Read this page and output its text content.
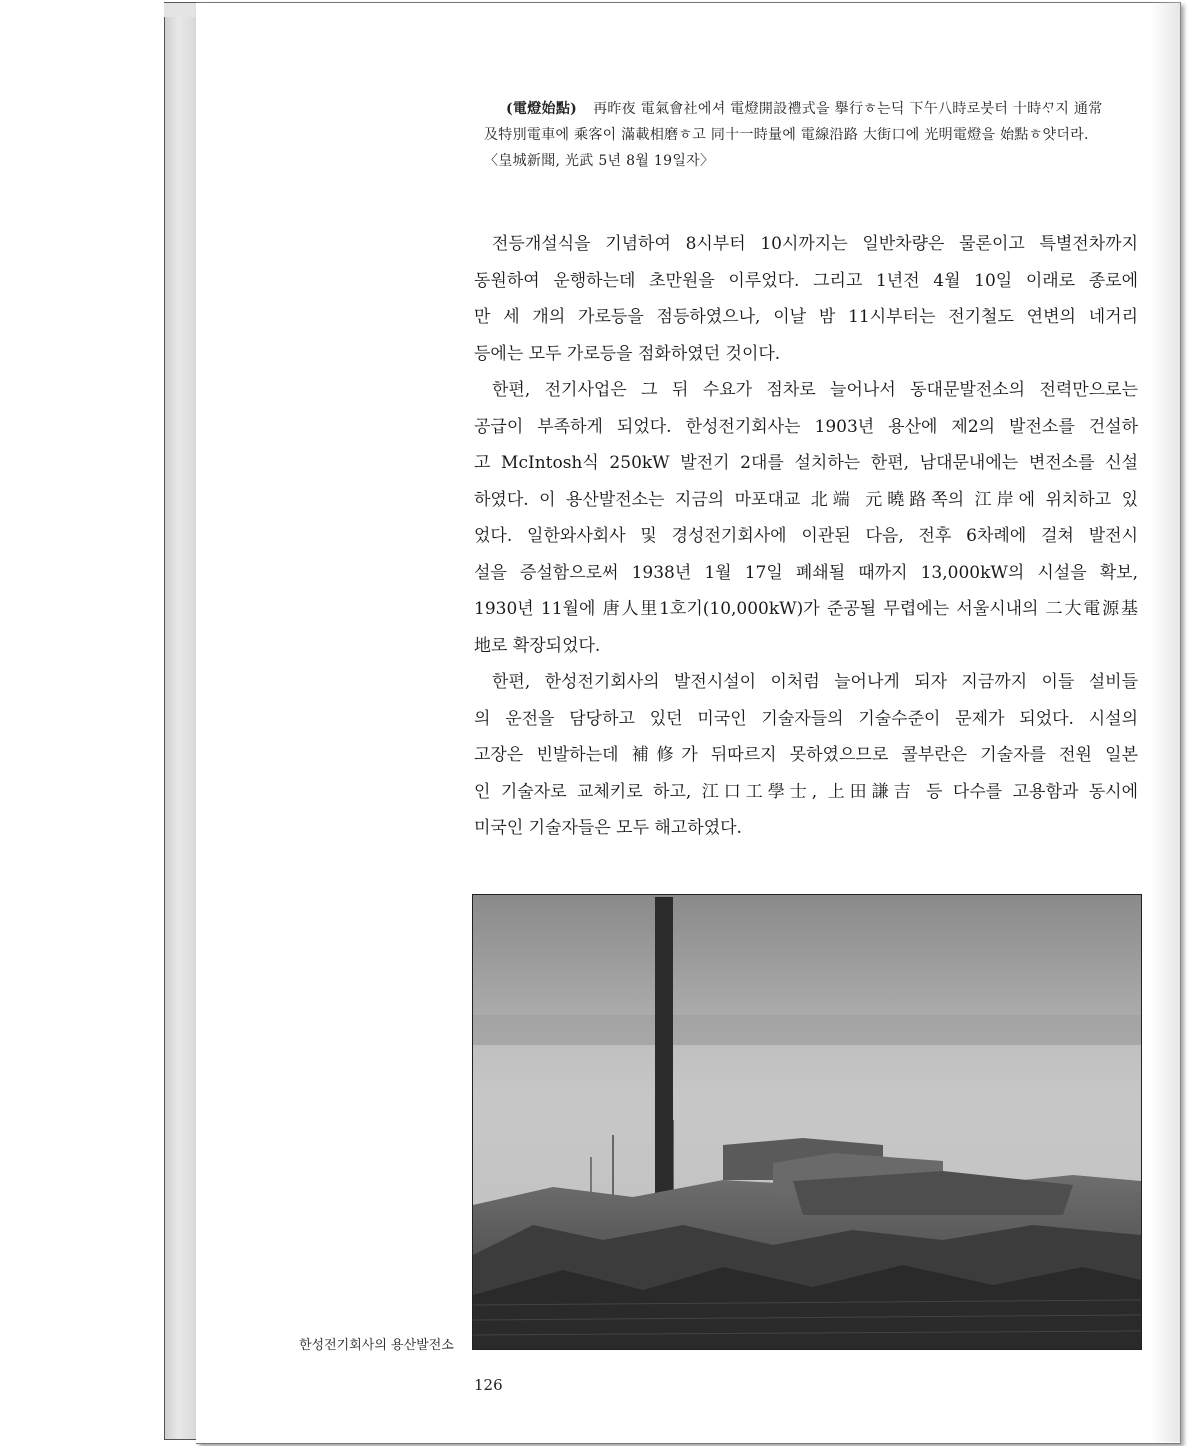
(電燈始點) 再昨夜 電氣會社에셔 電燈開設禮式을 擧行ㅎ는딕 下午八時로붓터 十時ᄭᆞ지 通常
及特別電車에 乘客이 滿載相磨ㅎ고 同十一時量에 電線沿路 大街口에 光明電燈을 始點ㅎ얏더라.
〈皇城新聞, 光武 5년 8월 19일자〉
전등개설식을 기념하여 8시부터 10시까지는 일반차량은 물론이고 특별전차까지
동원하여 운행하는데 초만원을 이루었다. 그리고 1년전 4월 10일 이래로 종로에
만 세 개의 가로등을 점등하였으나, 이날 밤 11시부터는 전기철도 연변의 네거리
등에는 모두 가로등을 점화하였던 것이다.
한편, 전기사업은 그 뒤 수요가 점차로 늘어나서 동대문발전소의 전력만으로는
공급이 부족하게 되었다. 한성전기회사는 1903년 용산에 제2의 발전소를 건설하
고 McIntosh식 250kW 발전기 2대를 설치하는 한편, 남대문내에는 변전소를 신설
하였다. 이 용산발전소는 지금의 마포대교 北端 元曉路쪽의 江岸에 위치하고 있
었다. 일한와사회사 및 경성전기회사에 이관된 다음, 전후 6차례에 걸쳐 발전시
설을 증설함으로써 1938년 1월 17일 폐쇄될 때까지 13,000kW의 시설을 확보,
1930년 11월에 唐人里1호기(10,000kW)가 준공될 무렵에는 서울시내의 二大電源基
地로 확장되었다.
한편, 한성전기회사의 발전시설이 이처럼 늘어나게 되자 지금까지 이들 설비들
의 운전을 담당하고 있던 미국인 기술자들의 기술수준이 문제가 되었다. 시설의
고장은 빈발하는데 補修가 뒤따르지 못하였으므로 콜부란은 기술자를 전원 일본
인 기술자로 교체키로 하고, 江口工學士, 上田謙吉 등 다수를 고용함과 동시에
미국인 기술자들은 모두 해고하였다.
한성전기회사의 용산발전소
126
